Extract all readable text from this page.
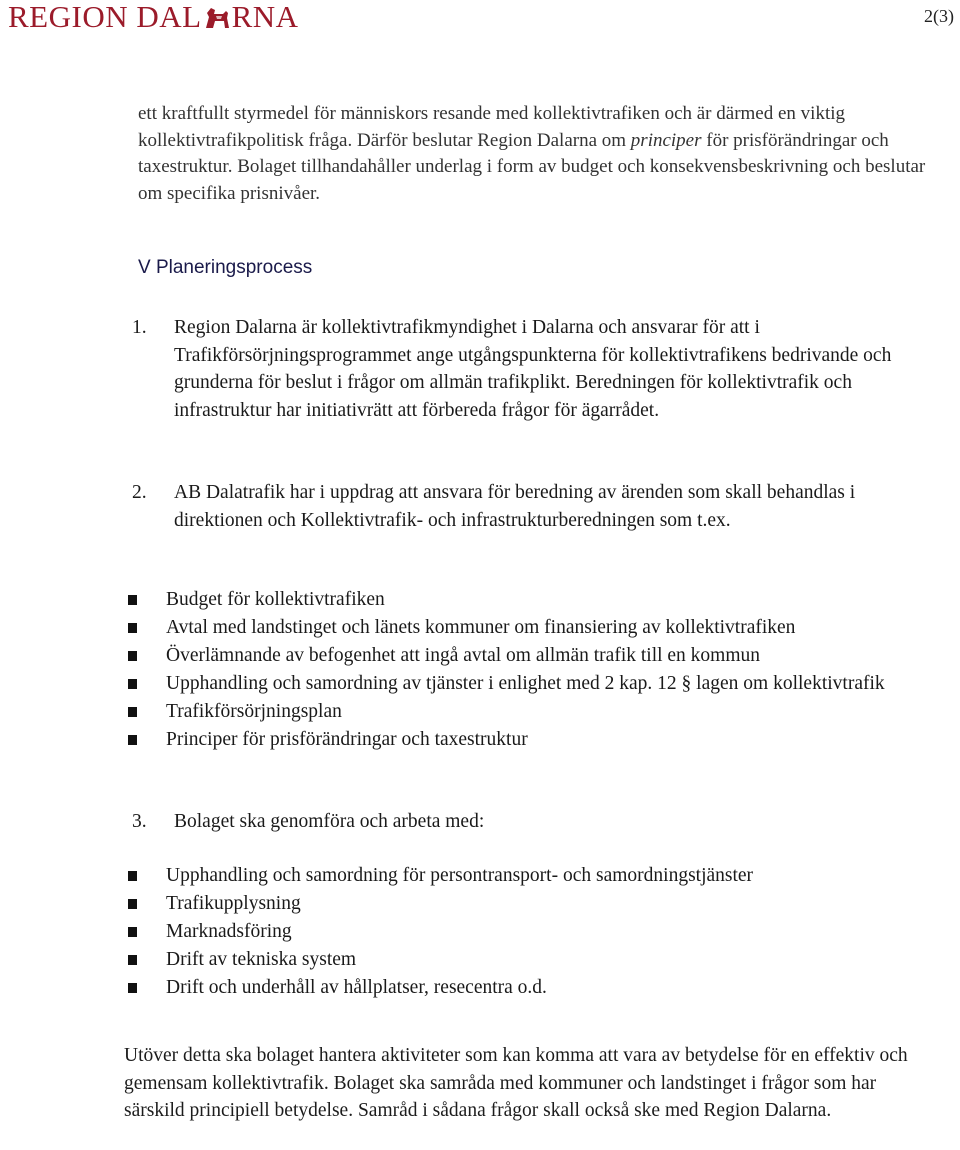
REGION DAL RNA	2(3)

ett kraftfullt styrmedel för människors resande med kollektivtrafiken och är därmed en viktig kollektivtrafikpolitisk fråga. Därför beslutar Region Dalarna om principer för prisförändringar och taxestruktur. Bolaget tillhandahåller underlag i form av budget och konsekvensbeskrivning och beslutar om specifika prisnivåer.

V Planeringsprocess
1. Region Dalarna är kollektivtrafikmyndighet i Dalarna och ansvarar för att i Trafikförsörjningsprogrammet ange utgångspunkterna för kollektivtrafikens bedrivande och grunderna för beslut i frågor om allmän trafikplikt. Beredningen för kollektivtrafik och infrastruktur har initiativrätt att förbereda frågor för ägarrådet.
2. AB Dalatrafik har i uppdrag att ansvara för beredning av ärenden som skall behandlas i direktionen och Kollektivtrafik- och infrastrukturberedningen som t.ex.
Budget för kollektivtrafiken
Avtal med landstinget och länets kommuner om finansiering av kollektivtrafiken
Överlämnande av befogenhet att ingå avtal om allmän trafik till en kommun
Upphandling och samordning av tjänster i enlighet med 2 kap. 12 § lagen om kollektivtrafik
Trafikförsörjningsplan
Principer för prisförändringar och taxestruktur
3. Bolaget ska genomföra och arbeta med:
Upphandling och samordning för persontransport- och samordningstjänster
Trafikupplysning
Marknadsföring
Drift av tekniska system
Drift och underhåll av hållplatser, resecentra o.d.

Utöver detta ska bolaget hantera aktiviteter som kan komma att vara av betydelse för en effektiv och gemensam kollektivtrafik. Bolaget ska samråda med kommuner och landstinget i frågor som har särskild principiell betydelse. Samråd i sådana frågor skall också ske med Region Dalarna.
